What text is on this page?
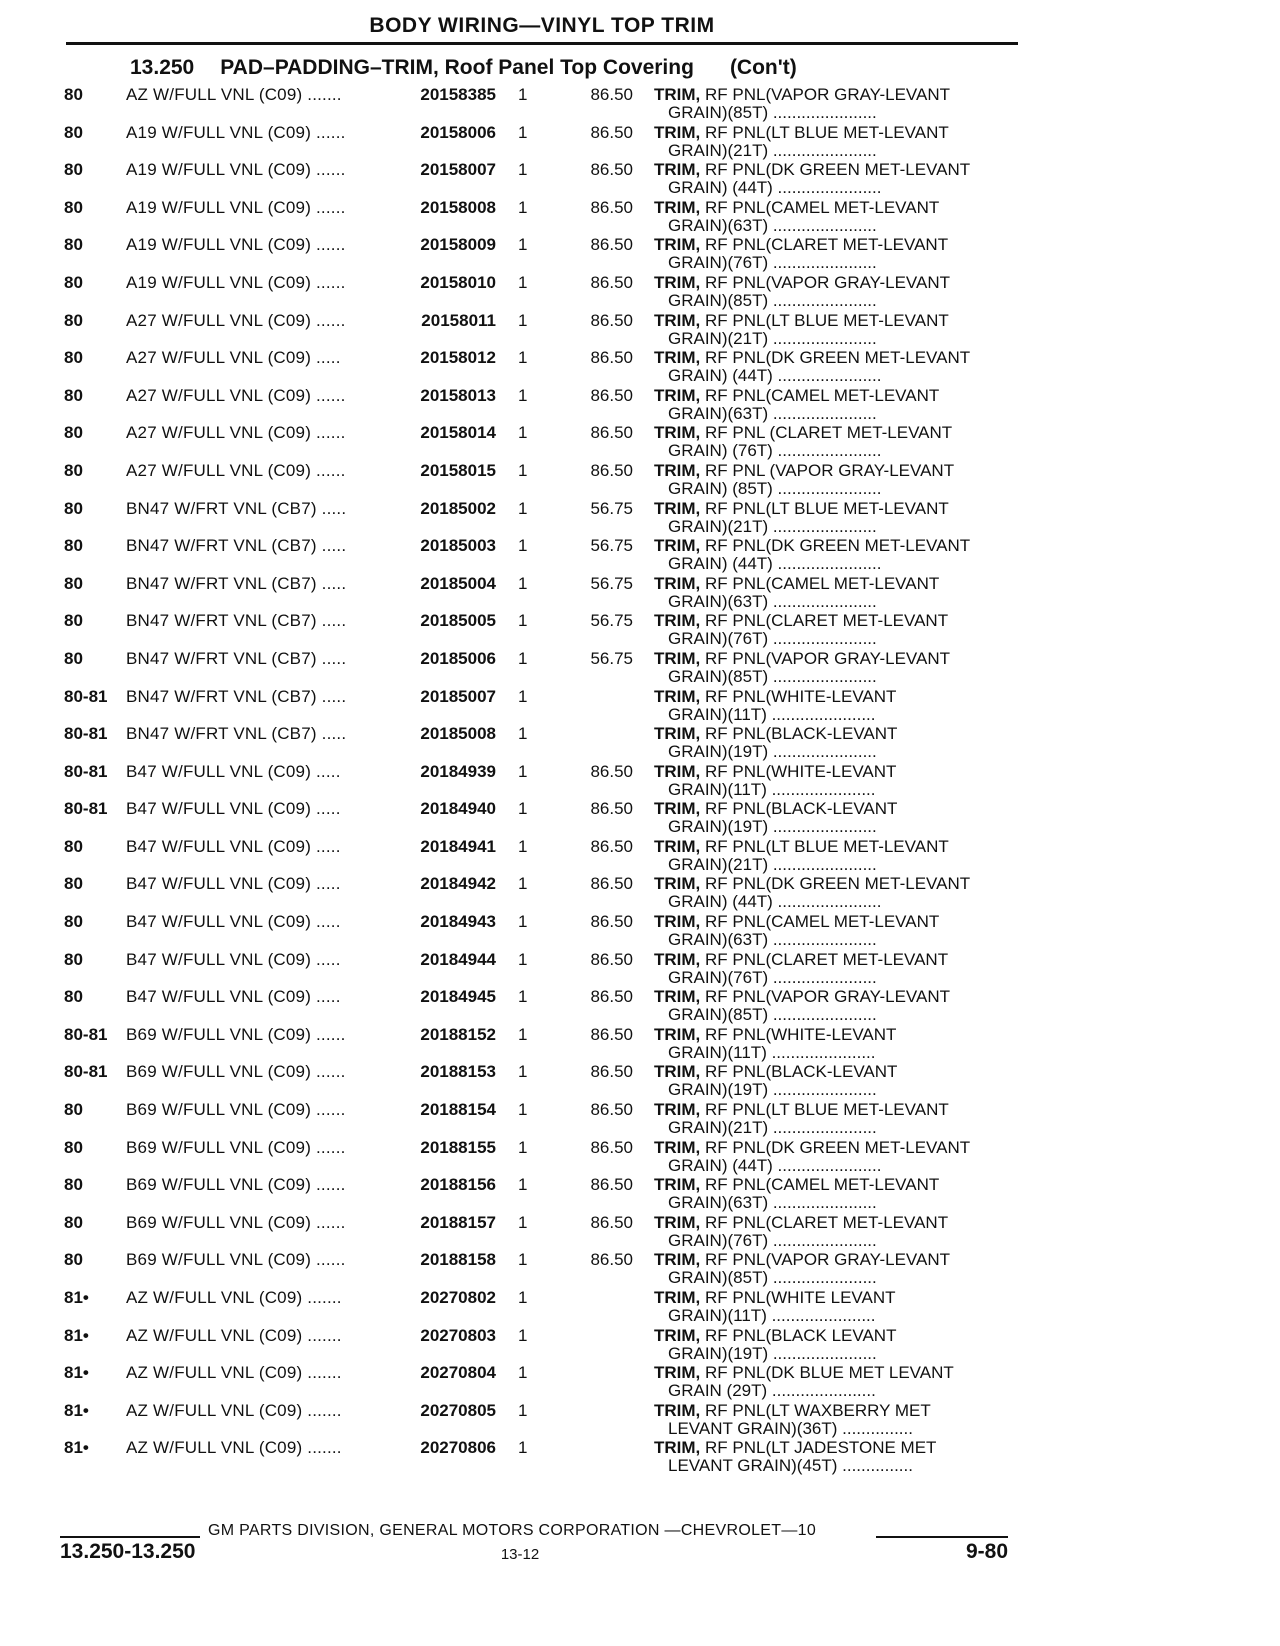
BODY WIRING—VINYL TOP TRIM
13.250 PAD–PADDING–TRIM, Roof Panel Top Covering (Con't)
80	AZ W/FULL VNL (C09) .......	20158385 1	86.50 TRIM, RF PNL(VAPOR GRAY-LEVANT
GRAIN)(85T) ......................
80	A19 W/FULL VNL (C09) ......	20158006 1	86.50 TRIM, RF PNL(LT BLUE MET-LEVANT
GRAIN)(21T) ......................
80	A19 W/FULL VNL (C09) ......	20158007 1	86.50 TRIM, RF PNL(DK GREEN MET-LEVANT
GRAIN) (44T) ......................
80	A19 W/FULL VNL (C09) ......	20158008 1	86.50 TRIM, RF PNL(CAMEL MET-LEVANT
GRAIN)(63T) ......................
80	A19 W/FULL VNL (C09) ......	20158009 1	86.50 TRIM, RF PNL(CLARET MET-LEVANT
GRAIN)(76T) ......................
80	A19 W/FULL VNL (C09) ......	20158010 1	86.50 TRIM, RF PNL(VAPOR GRAY-LEVANT
GRAIN)(85T) ......................
80	A27 W/FULL VNL (C09) ......	20158011 1	86.50 TRIM, RF PNL(LT BLUE MET-LEVANT
GRAIN)(21T) ......................
80	A27 W/FULL VNL (C09) .....	20158012 1	86.50 TRIM, RF PNL(DK GREEN MET-LEVANT
GRAIN) (44T) ......................
80	A27 W/FULL VNL (C09) ......	20158013 1	86.50 TRIM, RF PNL(CAMEL MET-LEVANT
GRAIN)(63T) ......................
80	A27 W/FULL VNL (C09) ......	20158014 1	86.50 TRIM, RF PNL (CLARET MET-LEVANT
GRAIN) (76T) ......................
80	A27 W/FULL VNL (C09) ......	20158015 1	86.50 TRIM, RF PNL (VAPOR GRAY-LEVANT
GRAIN) (85T) ......................
80	BN47 W/FRT VNL (CB7) .....	20185002 1	56.75 TRIM, RF PNL(LT BLUE MET-LEVANT
GRAIN)(21T) ......................
80	BN47 W/FRT VNL (CB7) .....	20185003 1	56.75 TRIM, RF PNL(DK GREEN MET-LEVANT
GRAIN) (44T) ......................
80	BN47 W/FRT VNL (CB7) .....	20185004 1	56.75 TRIM, RF PNL(CAMEL MET-LEVANT
GRAIN)(63T) ......................
80	BN47 W/FRT VNL (CB7) .....	20185005 1	56.75 TRIM, RF PNL(CLARET MET-LEVANT
GRAIN)(76T) ......................
80	BN47 W/FRT VNL (CB7) .....	20185006 1	56.75 TRIM, RF PNL(VAPOR GRAY-LEVANT
GRAIN)(85T) ......................
80-81 BN47 W/FRT VNL (CB7) .....	20185007 1	TRIM, RF PNL(WHITE-LEVANT
GRAIN)(11T) ......................
80-81 BN47 W/FRT VNL (CB7) .....	20185008 1	TRIM, RF PNL(BLACK-LEVANT
GRAIN)(19T) ......................
80-81 B47 W/FULL VNL (C09) .....	20184939 1	86.50 TRIM, RF PNL(WHITE-LEVANT
GRAIN)(11T) ......................
80-81 B47 W/FULL VNL (C09) .....	20184940 1	86.50 TRIM, RF PNL(BLACK-LEVANT
GRAIN)(19T) ......................
80	B47 W/FULL VNL (C09) .....	20184941 1	86.50 TRIM, RF PNL(LT BLUE MET-LEVANT
GRAIN)(21T) ......................
80	B47 W/FULL VNL (C09) .....	20184942 1	86.50 TRIM, RF PNL(DK GREEN MET-LEVANT
GRAIN) (44T) ......................
80	B47 W/FULL VNL (C09) .....	20184943 1	86.50 TRIM, RF PNL(CAMEL MET-LEVANT
GRAIN)(63T) ......................
80	B47 W/FULL VNL (C09) .....	20184944 1	86.50 TRIM, RF PNL(CLARET MET-LEVANT
GRAIN)(76T) ......................
80	B47 W/FULL VNL (C09) .....	20184945 1	86.50 TRIM, RF PNL(VAPOR GRAY-LEVANT
GRAIN)(85T) ......................
80-81 B69 W/FULL VNL (C09) ......	20188152 1	86.50 TRIM, RF PNL(WHITE-LEVANT
GRAIN)(11T) ......................
80-81 B69 W/FULL VNL (C09) ......	20188153 1	86.50 TRIM, RF PNL(BLACK-LEVANT
GRAIN)(19T) ......................
80	B69 W/FULL VNL (C09) ......	20188154 1	86.50 TRIM, RF PNL(LT BLUE MET-LEVANT
GRAIN)(21T) ......................
80	B69 W/FULL VNL (C09) ......	20188155 1	86.50 TRIM, RF PNL(DK GREEN MET-LEVANT
GRAIN) (44T) ......................
80	B69 W/FULL VNL (C09) ......	20188156 1	86.50 TRIM, RF PNL(CAMEL MET-LEVANT
GRAIN)(63T) ......................
80	B69 W/FULL VNL (C09) ......	20188157 1	86.50 TRIM, RF PNL(CLARET MET-LEVANT
GRAIN)(76T) ......................
80	B69 W/FULL VNL (C09) ......	20188158 1	86.50 TRIM, RF PNL(VAPOR GRAY-LEVANT
GRAIN)(85T) ......................
81• AZ W/FULL VNL (C09) .......	20270802 1	TRIM, RF PNL(WHITE LEVANT
GRAIN)(11T) ......................
81• AZ W/FULL VNL (C09) .......	20270803 1	TRIM, RF PNL(BLACK LEVANT
GRAIN)(19T) ......................
81• AZ W/FULL VNL (C09) .......	20270804 1	TRIM, RF PNL(DK BLUE MET LEVANT
GRAIN (29T) ......................
81• AZ W/FULL VNL (C09) .......	20270805 1	TRIM, RF PNL(LT WAXBERRY MET
LEVANT GRAIN)(36T) ...............
81• AZ W/FULL VNL (C09) .......	20270806 1	TRIM, RF PNL(LT JADESTONE MET
LEVANT GRAIN)(45T) ...............
GM PARTS DIVISION, GENERAL MOTORS CORPORATION —CHEVROLET—10
13.250-13.250	13-12	9-80
